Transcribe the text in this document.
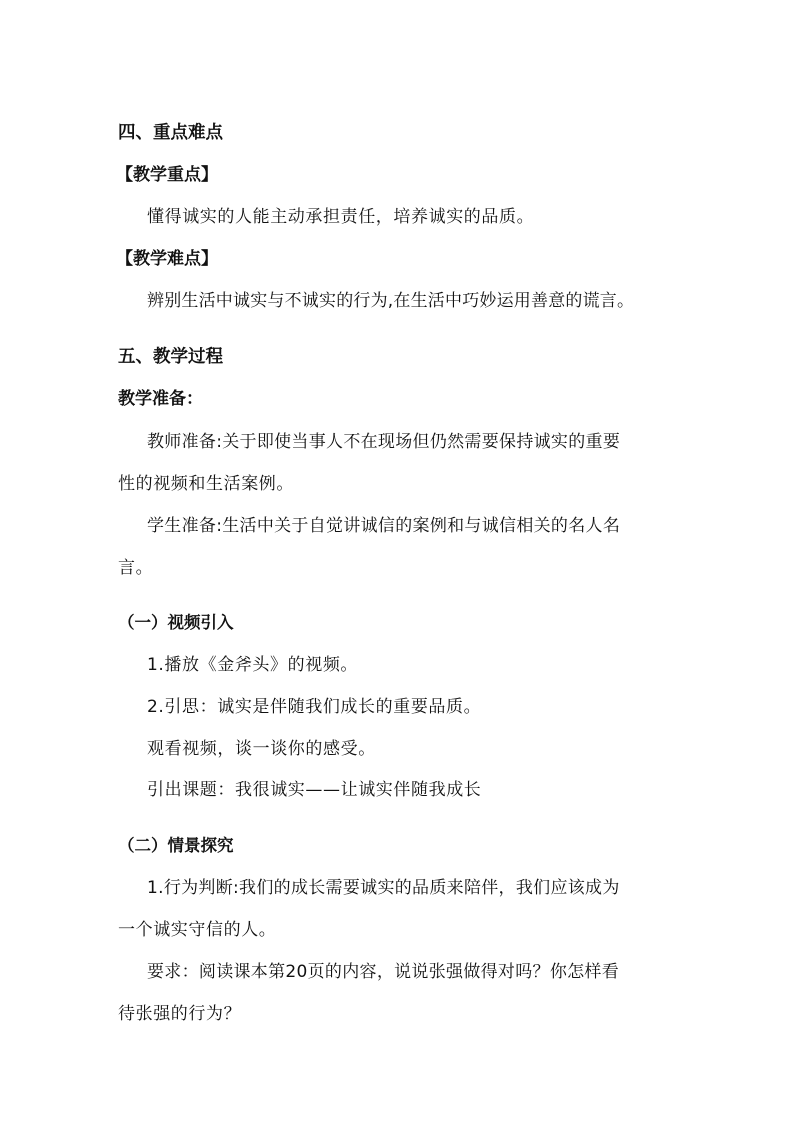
四、重点难点
【教学重点】
懂得诚实的人能主动承担责任，培养诚实的品质。
【教学难点】
辨别生活中诚实与不诚实的行为,在生活中巧妙运用善意的谎言。
五、教学过程
教学准备：
教师准备:关于即使当事人不在现场但仍然需要保持诚实的重要
性的视频和生活案例。
学生准备:生活中关于自觉讲诚信的案例和与诚信相关的名人名
言。
（一）视频引入
1.播放《金斧头》的视频。
2.引思：诚实是伴随我们成长的重要品质。
观看视频，谈一谈你的感受。
引出课题：我很诚实——让诚实伴随我成长
（二）情景探究
1.行为判断:我们的成长需要诚实的品质来陪伴，我们应该成为
一个诚实守信的人。
要求：阅读课本第20页的内容，说说张强做得对吗？你怎样看
待张强的行为？
